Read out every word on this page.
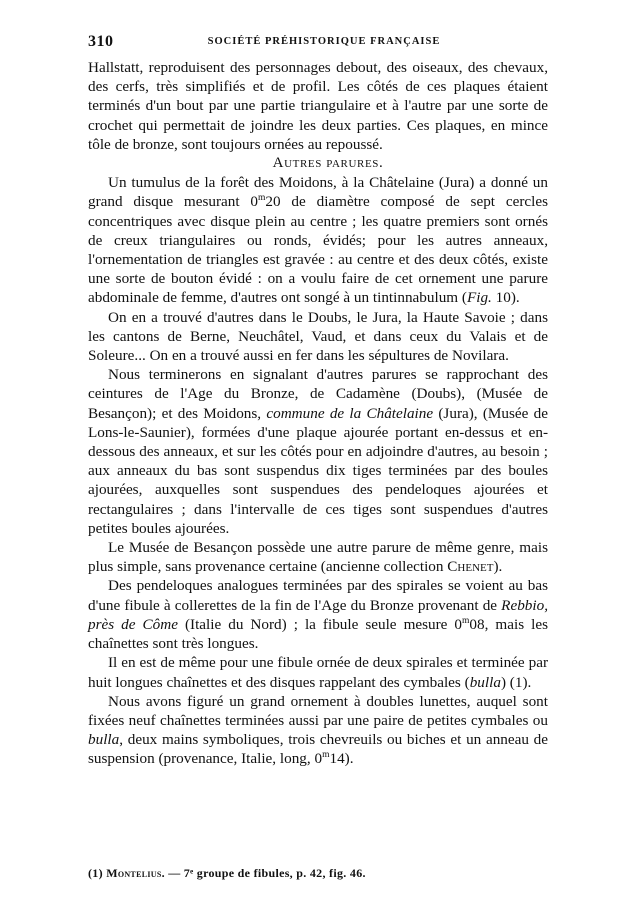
310	SOCIÉTÉ PRÉHISTORIQUE FRANÇAISE

Hallstatt, reproduisent des personnages debout, des oiseaux, des chevaux, des cerfs, très simplifiés et de profil. Les côtés de ces plaques étaient terminés d'un bout par une partie triangulaire et à l'autre par une sorte de crochet qui permettait de joindre les deux parties. Ces plaques, en mince tôle de bronze, sont toujours ornées au repoussé.

Autres parures.

Un tumulus de la forêt des Moidons, à la Châtelaine (Jura) a donné un grand disque mesurant 0$^m$20 de diamètre composé de sept cercles concentriques avec disque plein au centre ; les quatre premiers sont ornés de creux triangulaires ou ronds, évidés; pour les autres anneaux, l'ornementation de triangles est gravée : au centre et des deux côtés, existe une sorte de bouton évidé : on a voulu faire de cet ornement une parure abdominale de femme, d'autres ont songé à un tintinnabulum (Fig. 10).

On en a trouvé d'autres dans le Doubs, le Jura, la Haute Savoie ; dans les cantons de Berne, Neuchâtel, Vaud, et dans ceux du Valais et de Soleure... On en a trouvé aussi en fer dans les sépultures de Novilara.

Nous terminerons en signalant d'autres parures se rapprochant des ceintures de l'Age du Bronze, de Cadamène (Doubs), (Musée de Besançon); et des Moidons, commune de la Châtelaine (Jura), (Musée de Lons-le-Saunier), formées d'une plaque ajourée portant en-dessus et en-dessous des anneaux, et sur les côtés pour en adjoindre d'autres, au besoin ; aux anneaux du bas sont suspendus dix tiges terminées par des boules ajourées, auxquelles sont suspendues des pendeloques ajourées et rectangulaires ; dans l'intervalle de ces tiges sont suspendues d'autres petites boules ajourées.

Le Musée de Besançon possède une autre parure de même genre, mais plus simple, sans provenance certaine (ancienne collection Chenet).

Des pendeloques analogues terminées par des spirales se voient au bas d'une fibule à collerettes de la fin de l'Age du Bronze provenant de Rebbio, près de Côme (Italie du Nord) ; la fibule seule mesure 0$^m$08, mais les chaînettes sont très longues.

Il en est de même pour une fibule ornée de deux spirales et terminée par huit longues chaînettes et des disques rappelant des cymbales (bulla) (1).

Nous avons figuré un grand ornement à doubles lunettes, auquel sont fixées neuf chaînettes terminées aussi par une paire de petites cymbales ou bulla, deux mains symboliques, trois chevreuils ou biches et un anneau de suspension (provenance, Italie, long, 0$^m$14).

(1) Montelius. — 7ᵉ groupe de fibules, p. 42, fig. 46.
